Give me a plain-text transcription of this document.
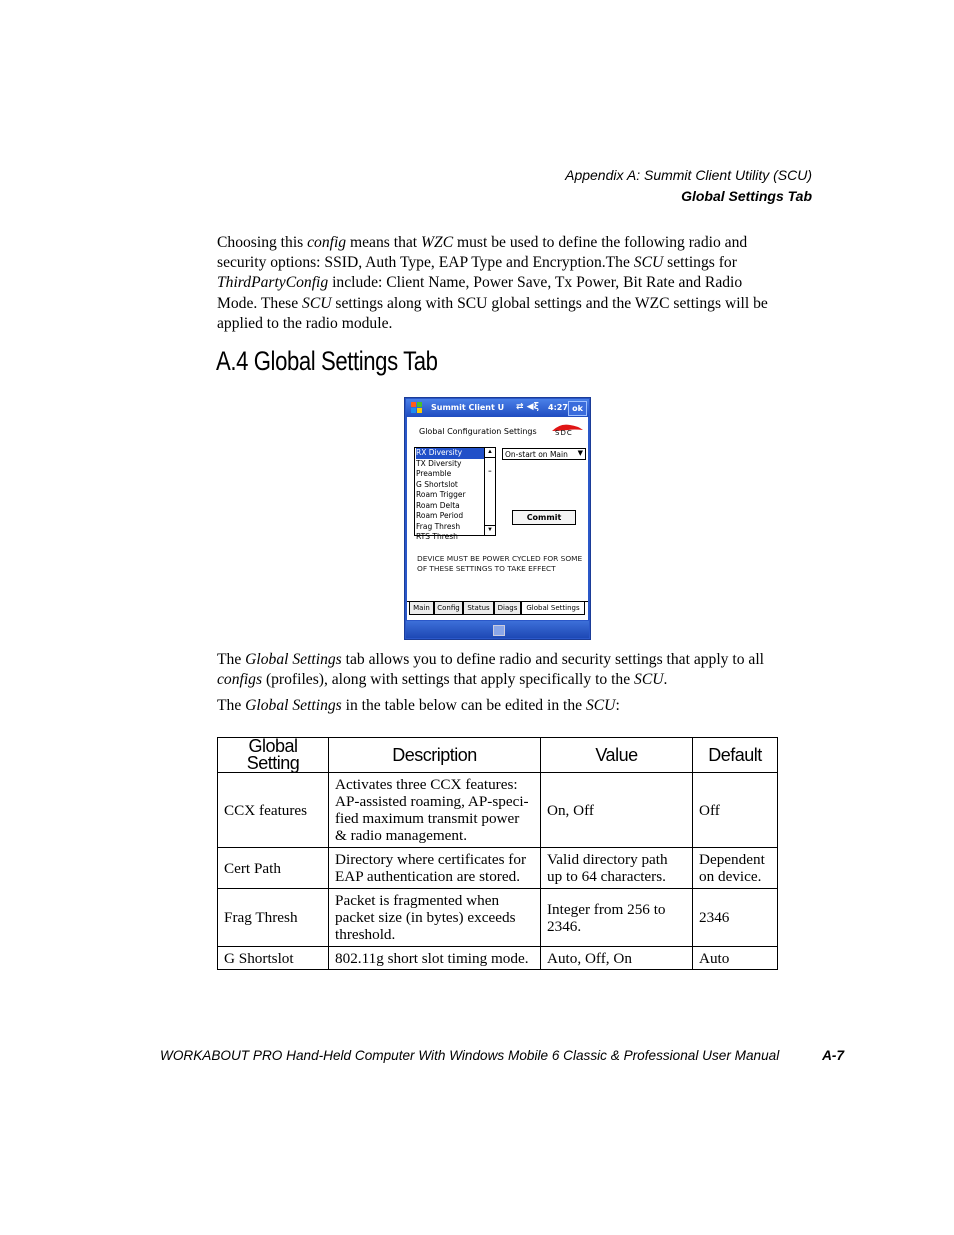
Appendix A: Summit Client Utility (SCU)
Global Settings Tab

Choosing this config means that WZC must be used to define the following radio and security options: SSID, Auth Type, EAP Type and Encryption.The SCU settings for ThirdPartyConfig include: Client Name, Power Save, Tx Power, Bit Rate and Radio Mode. These SCU settings along with SCU global settings and the WZC settings will be applied to the radio module.

A.4 Global Settings Tab
Summit Client U ⇄ ◀ξ 4:27 ok
Global Configuration Settings	SDC
RX Diversity
TX Diversity
Preamble
G Shortslot
Roam Trigger
Roam Delta
Roam Period
Frag Thresh
RTS Thresh
▲
≡
▼
On-start on Main ▼
Commit
DEVICE MUST BE POWER CYCLED FOR SOME OF THESE SETTINGS TO TAKE EFFECT
Main	Config	Status	Diags	Global Settings

The Global Settings tab allows you to define radio and security settings that apply to all configs (profiles), along with settings that apply specifically to the SCU.

The Global Settings in the table below can be edited in the SCU:

Global Setting	Description	Value	Default
CCX features	Activates three CCX features: AP-assisted roaming, AP-speci-fied maximum transmit power & radio management.	On, Off	Off
Cert Path	Directory where certificates for EAP authentication are stored.	Valid directory path up to 64 characters.	Dependent on device.
Frag Thresh	Packet is fragmented when packet size (in bytes) exceeds threshold.	Integer from 256 to 2346.	2346
G Shortslot	802.11g short slot timing mode.	Auto, Off, On	Auto
WORKABOUT PRO Hand-Held Computer With Windows Mobile 6 Classic & Professional User Manual	A-7
